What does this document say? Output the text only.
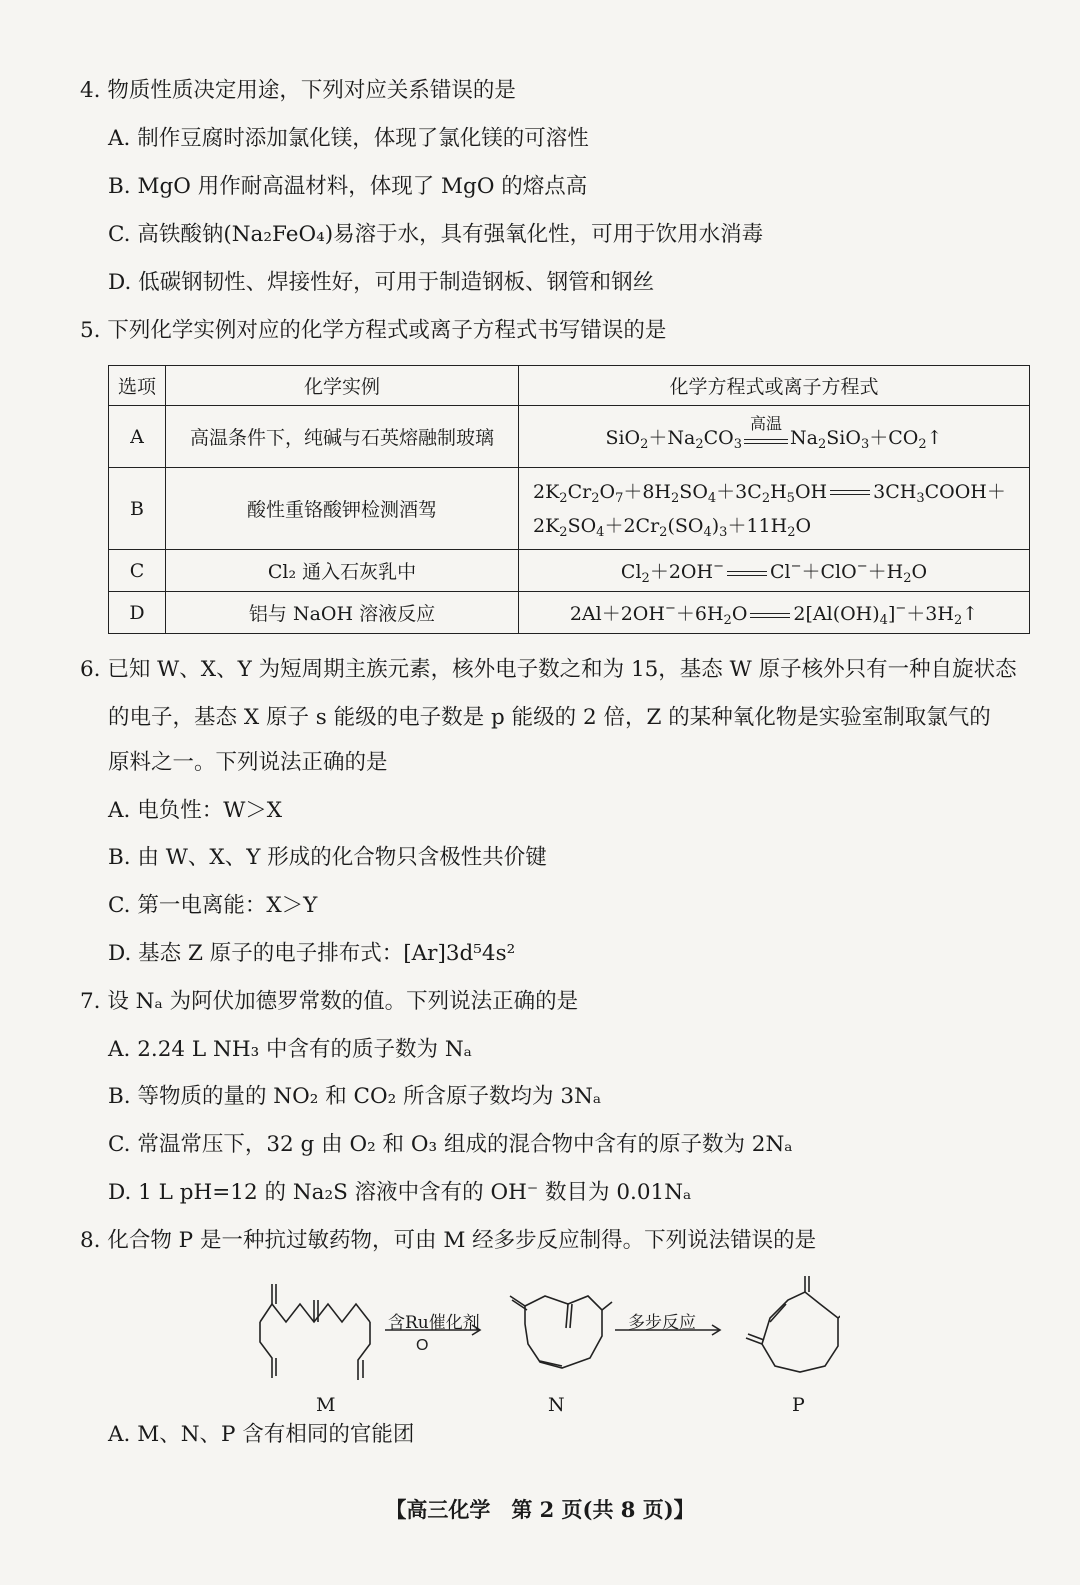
4. 物质性质决定用途，下列对应关系错误的是
A. 制作豆腐时添加氯化镁，体现了氯化镁的可溶性
B. MgO 用作耐高温材料，体现了 MgO 的熔点高
C. 高铁酸钠(Na₂FeO₄)易溶于水，具有强氧化性，可用于饮用水消毒
D. 低碳钢韧性、焊接性好，可用于制造钢板、钢管和钢丝
5. 下列化学实例对应的化学方程式或离子方程式书写错误的是
选项	化学实例	化学方程式或离子方程式
A	高温条件下，纯碱与石英熔融制玻璃	$SiO_2+Na_2CO_3$
高温
$Na_2SiO_3+CO_2↑$
B	酸性重铬酸钾检测酒驾	$2K_2Cr_2O_7+8H_2SO_4+3C_2H_5OH$ $3CH_3COOH+$
$2K_2SO_4+2Cr_2(SO_4)_3+11H_2O$
C	Cl₂ 通入石灰乳中	$Cl_2+2OH^-$ $Cl^-+ClO^-+H_2O$
D	铝与 NaOH 溶液反应	$2Al+2OH^-+6H_2O$ $2[Al(OH)_4]^-+3H_2↑$
6. 已知 W、X、Y 为短周期主族元素，核外电子数之和为 15，基态 W 原子核外只有一种自旋状态
的电子，基态 X 原子 s 能级的电子数是 p 能级的 2 倍，Z 的某种氧化物是实验室制取氯气的
原料之一。下列说法正确的是
A. 电负性：W＞X
B. 由 W、X、Y 形成的化合物只含极性共价键
C. 第一电离能：X＞Y
D. 基态 Z 原子的电子排布式：[Ar]3d⁵4s²
7. 设 Nₐ 为阿伏加德罗常数的值。下列说法正确的是
A. 2.24 L NH₃ 中含有的质子数为 Nₐ
B. 等物质的量的 NO₂ 和 CO₂ 所含原子数均为 3Nₐ
C. 常温常压下，32 g 由 O₂ 和 O₃ 组成的混合物中含有的原子数为 2Nₐ
D. 1 L pH=12 的 Na₂S 溶液中含有的 OH⁻ 数目为 0.01Nₐ
8. 化合物 P 是一种抗过敏药物，可由 M 经多步反应制得。下列说法错误的是
O
含Ru催化剂	多步反应
M	N	P
A. M、N、P 含有相同的官能团
【高三化学　第 2 页(共 8 页)】
